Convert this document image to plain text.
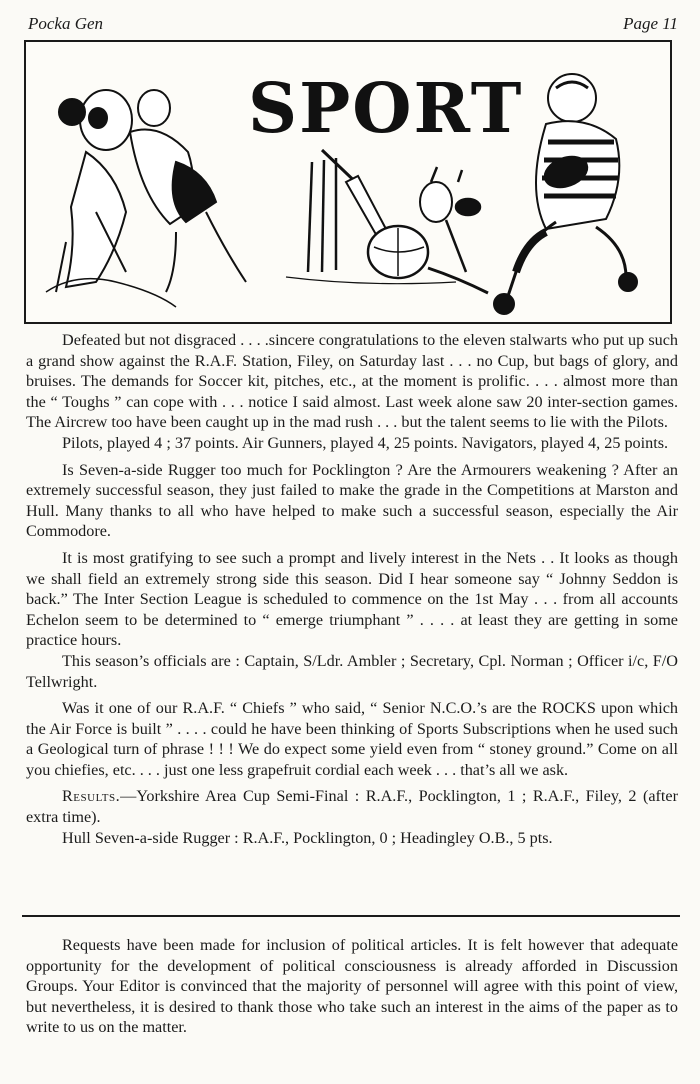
Pocka Gen	Page 11
SPORT

Defeated but not disgraced . . . .sincere congratulations to the eleven stalwarts who put up such a grand show against the R.A.F. Station, Filey, on Saturday last . . . no Cup, but bags of glory, and bruises. The demands for Soccer kit, pitches, etc., at the moment is prolific. . . . almost more than the “ Toughs ” can cope with . . . notice I said almost. Last week alone saw 20 inter-section games. The Aircrew too have been caught up in the mad rush . . . but the talent seems to lie with the Pilots.

Pilots, played 4 ; 37 points. Air Gunners, played 4, 25 points. Navigators, played 4, 25 points.

Is Seven-a-side Rugger too much for Pocklington ? Are the Armourers weakening ? After an extremely successful season, they just failed to make the grade in the Competitions at Marston and Hull. Many thanks to all who have helped to make such a successful season, especially the Air Commodore.

It is most gratifying to see such a prompt and lively interest in the Nets . . It looks as though we shall field an extremely strong side this season. Did I hear someone say “ Johnny Seddon is back.” The Inter Section League is scheduled to commence on the 1st May . . . from all accounts Echelon seem to be determined to “ emerge triumphant ” . . . . at least they are getting in some practice hours.

This season’s officials are : Captain, S/Ldr. Ambler ; Secretary, Cpl. Norman ; Officer i/c, F/O Tellwright.

Was it one of our R.A.F. “ Chiefs ” who said, “ Senior N.C.O.’s are the ROCKS upon which the Air Force is built ” . . . . could he have been thinking of Sports Subscriptions when he used such a Geological turn of phrase ! ! ! We do expect some yield even from “ stoney ground.” Come on all you chiefies, etc. . . . just one less grapefruit cordial each week . . . that’s all we ask.

Results.—Yorkshire Area Cup Semi-Final : R.A.F., Pocklington, 1 ; R.A.F., Filey, 2 (after extra time).

Hull Seven-a-side Rugger : R.A.F., Pocklington, 0 ; Headingley O.B., 5 pts.

Requests have been made for inclusion of political articles. It is felt however that adequate opportunity for the development of political consciousness is already afforded in Discussion Groups. Your Editor is convinced that the majority of personnel will agree with this point of view, but nevertheless, it is desired to thank those who take such an interest in the aims of the paper as to write to us on the matter.
